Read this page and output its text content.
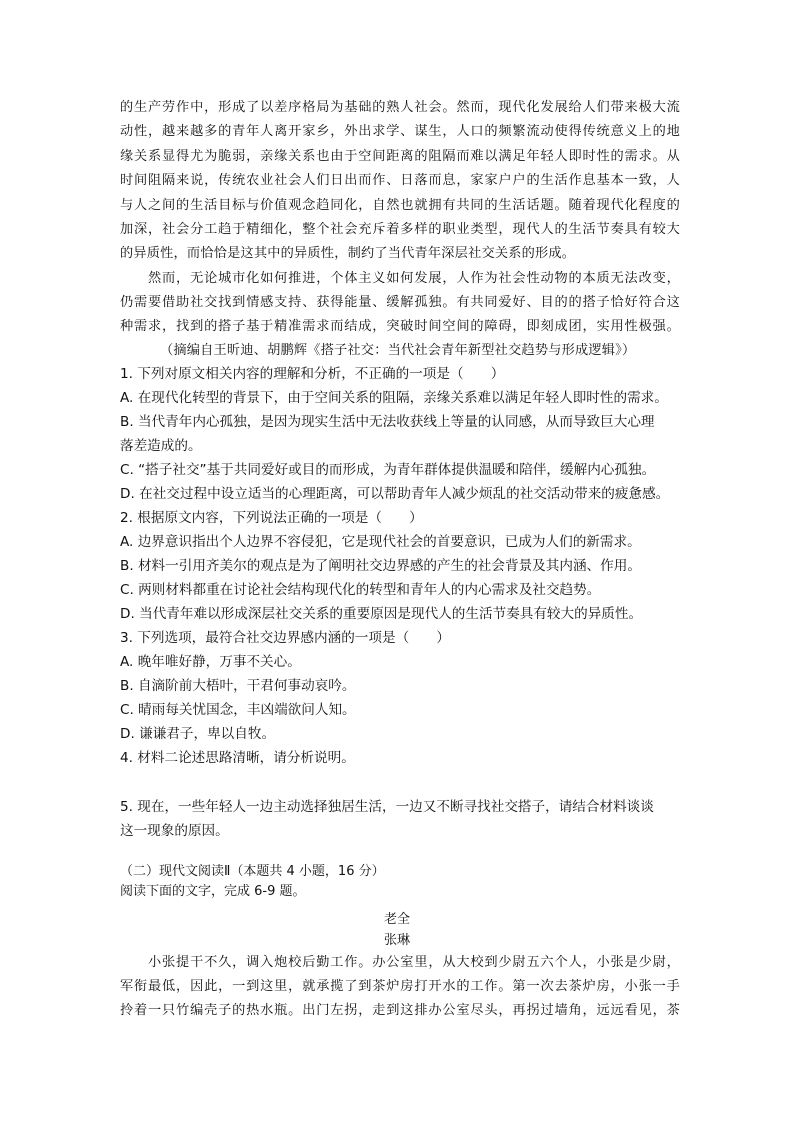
的生产劳作中，形成了以差序格局为基础的熟人社会。然而，现代化发展给人们带来极大流
动性，越来越多的青年人离开家乡，外出求学、谋生，人口的频繁流动使得传统意义上的地
缘关系显得尤为脆弱，亲缘关系也由于空间距离的阻隔而难以满足年轻人即时性的需求。从
时间阻隔来说，传统农业社会人们日出而作、日落而息，家家户户的生活作息基本一致，人
与人之间的生活目标与价值观念趋同化，自然也就拥有共同的生活话题。随着现代化程度的
加深，社会分工趋于精细化，整个社会充斥着多样的职业类型，现代人的生活节奏具有较大
的异质性，而恰恰是这其中的异质性，制约了当代青年深层社交关系的形成。
　　然而，无论城市化如何推进，个体主义如何发展，人作为社会性动物的本质无法改变，
仍需要借助社交找到情感支持、获得能量、缓解孤独。有共同爱好、目的的搭子恰好符合这
种需求，找到的搭子基于精准需求而结成，突破时间空间的障碍，即刻成团，实用性极强。
（摘编自王昕迪、胡鹏辉《搭子社交：当代社会青年新型社交趋势与形成逻辑》）
1. 下列对原文相关内容的理解和分析，不正确的一项是（　　）
A. 在现代化转型的背景下，由于空间关系的阻隔，亲缘关系难以满足年轻人即时性的需求。
B. 当代青年内心孤独，是因为现实生活中无法收获线上等量的认同感，从而导致巨大心理
落差造成的。
C. “搭子社交”基于共同爱好或目的而形成，为青年群体提供温暖和陪伴，缓解内心孤独。
D. 在社交过程中设立适当的心理距离，可以帮助青年人减少烦乱的社交活动带来的疲惫感。
2. 根据原文内容，下列说法正确的一项是（　　）
A. 边界意识指出个人边界不容侵犯，它是现代社会的首要意识，已成为人们的新需求。
B. 材料一引用齐美尔的观点是为了阐明社交边界感的产生的社会背景及其内涵、作用。
C. 两则材料都重在讨论社会结构现代化的转型和青年人的内心需求及社交趋势。
D. 当代青年难以形成深层社交关系的重要原因是现代人的生活节奏具有较大的异质性。
3. 下列选项，最符合社交边界感内涵的一项是（　　）
A. 晚年唯好静，万事不关心。
B. 自滴阶前大梧叶，干君何事动哀吟。
C. 晴雨每关忧国念，丰凶端欲问人知。
D. 谦谦君子，卑以自牧。
4. 材料二论述思路清晰，请分析说明。
5. 现在，一些年轻人一边主动选择独居生活，一边又不断寻找社交搭子，请结合材料谈谈
这一现象的原因。
（二）现代文阅读Ⅱ（本题共 4 小题，16 分）
阅读下面的文字，完成 6-9 题。
老全
张琳
　　小张提干不久，调入炮校后勤工作。办公室里，从大校到少尉五六个人，小张是少尉，
军衔最低，因此，一到这里，就承揽了到茶炉房打开水的工作。第一次去茶炉房，小张一手
拎着一只竹编壳子的热水瓶。出门左拐，走到这排办公室尽头，再拐过墙角，远远看见，茶
